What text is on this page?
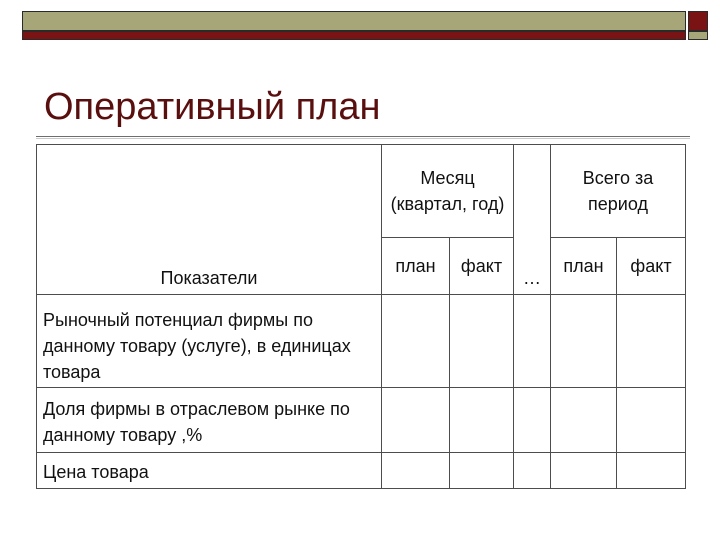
Оперативный план
Показатели	Месяц (квартал, год)		…	Всего за период	
	план	факт		план	факт
Рыночный потенциал фирмы по данному товару (услуге), в единицах товара					
Доля фирмы в отраслевом рынке по данному товару ,%					
Цена товара					
